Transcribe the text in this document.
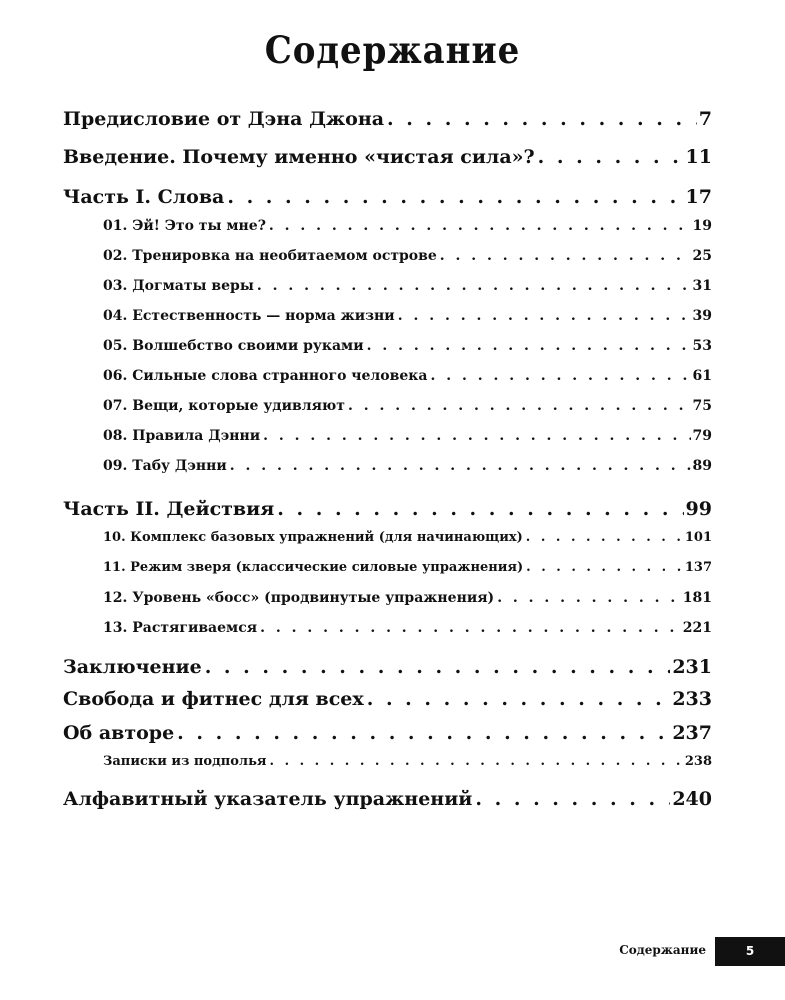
Содержание
Предисловие от Дэна Джона . . .	7
Введение. Почему именно «чистая сила»? . . .	11
Часть I. Слова . . .	17
01. Эй! Это ты мне? . . .	19
02. Тренировка на необитаемом острове . . .	25
03. Догматы веры . . .	31
04. Естественность — норма жизни . . .	39
05. Волшебство своими руками . . .	53
06. Сильные слова странного человека . . .	61
07. Вещи, которые удивляют . . .	75
08. Правила Дэнни . . .	79
09. Табу Дэнни . . .	89
Часть II. Действия . . .	99
10. Комплекс базовых упражнений (для начинающих) . . .	101
11. Режим зверя (классические силовые упражнения) . . .	137
12. Уровень «босс» (продвинутые упражнения) . . .	181
13. Растягиваемся . . .	221
Заключение . . .	231
Свобода и фитнес для всех . . .	233
Об авторе . . .	237
Записки из подполья . . .	238
Алфавитный указатель упражнений . . .	240
Содержание	5
